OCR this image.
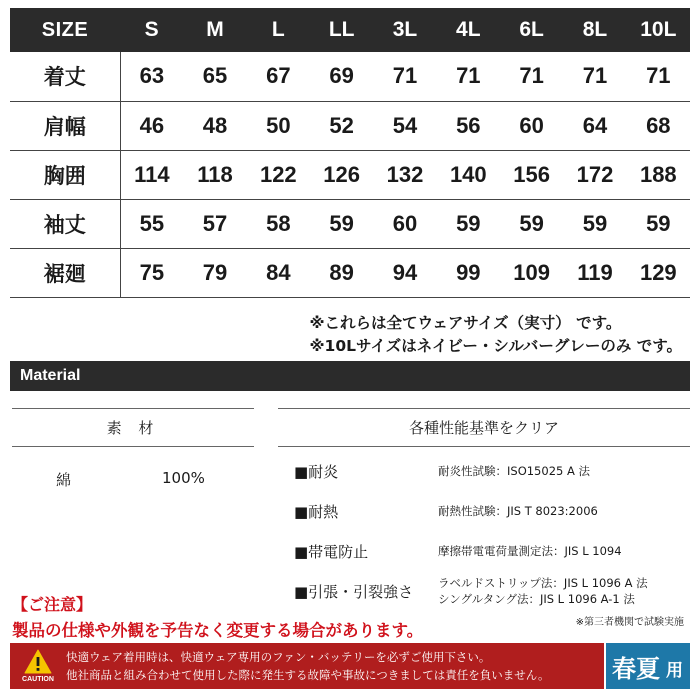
SIZE	S	M	L	LL	3L	4L	6L	8L	10L
着丈	63	65	67	69	71	71	71	71	71
肩幅	46	48	50	52	54	56	60	64	68
胸囲	114	118	122	126	132	140	156	172	188
袖丈	55	57	58	59	60	59	59	59	59
裾廻	75	79	84	89	94	99	109	119	129
※これらは全てウェアサイズ（実寸） です。
※10Lサイズはネイビー・シルバーグレーのみ です。
Material
素 材
綿	100%
各種性能基準をクリア
■耐炎	耐炎性試験：ISO15025 A 法
■耐熱	耐熱性試験：JIS T 8023:2006
■帯電防止	摩擦帯電電荷量測定法：JIS L 1094
■引張・引裂強さ ラベルドストリップ法：JIS L 1096 A 法
シングルタング法：JIS L 1096 A-1 法
※第三者機関で試験実施
【ご注意】
製品の仕様や外観を予告なく変更する場合があります。
CAUTION
快適ウェア着用時は、快適ウェア専用のファン・バッテリーを必ずご使用下さい。
他社商品と組み合わせて使用した際に発生する故障や事故につきましては責任を負いません。	春夏 用
